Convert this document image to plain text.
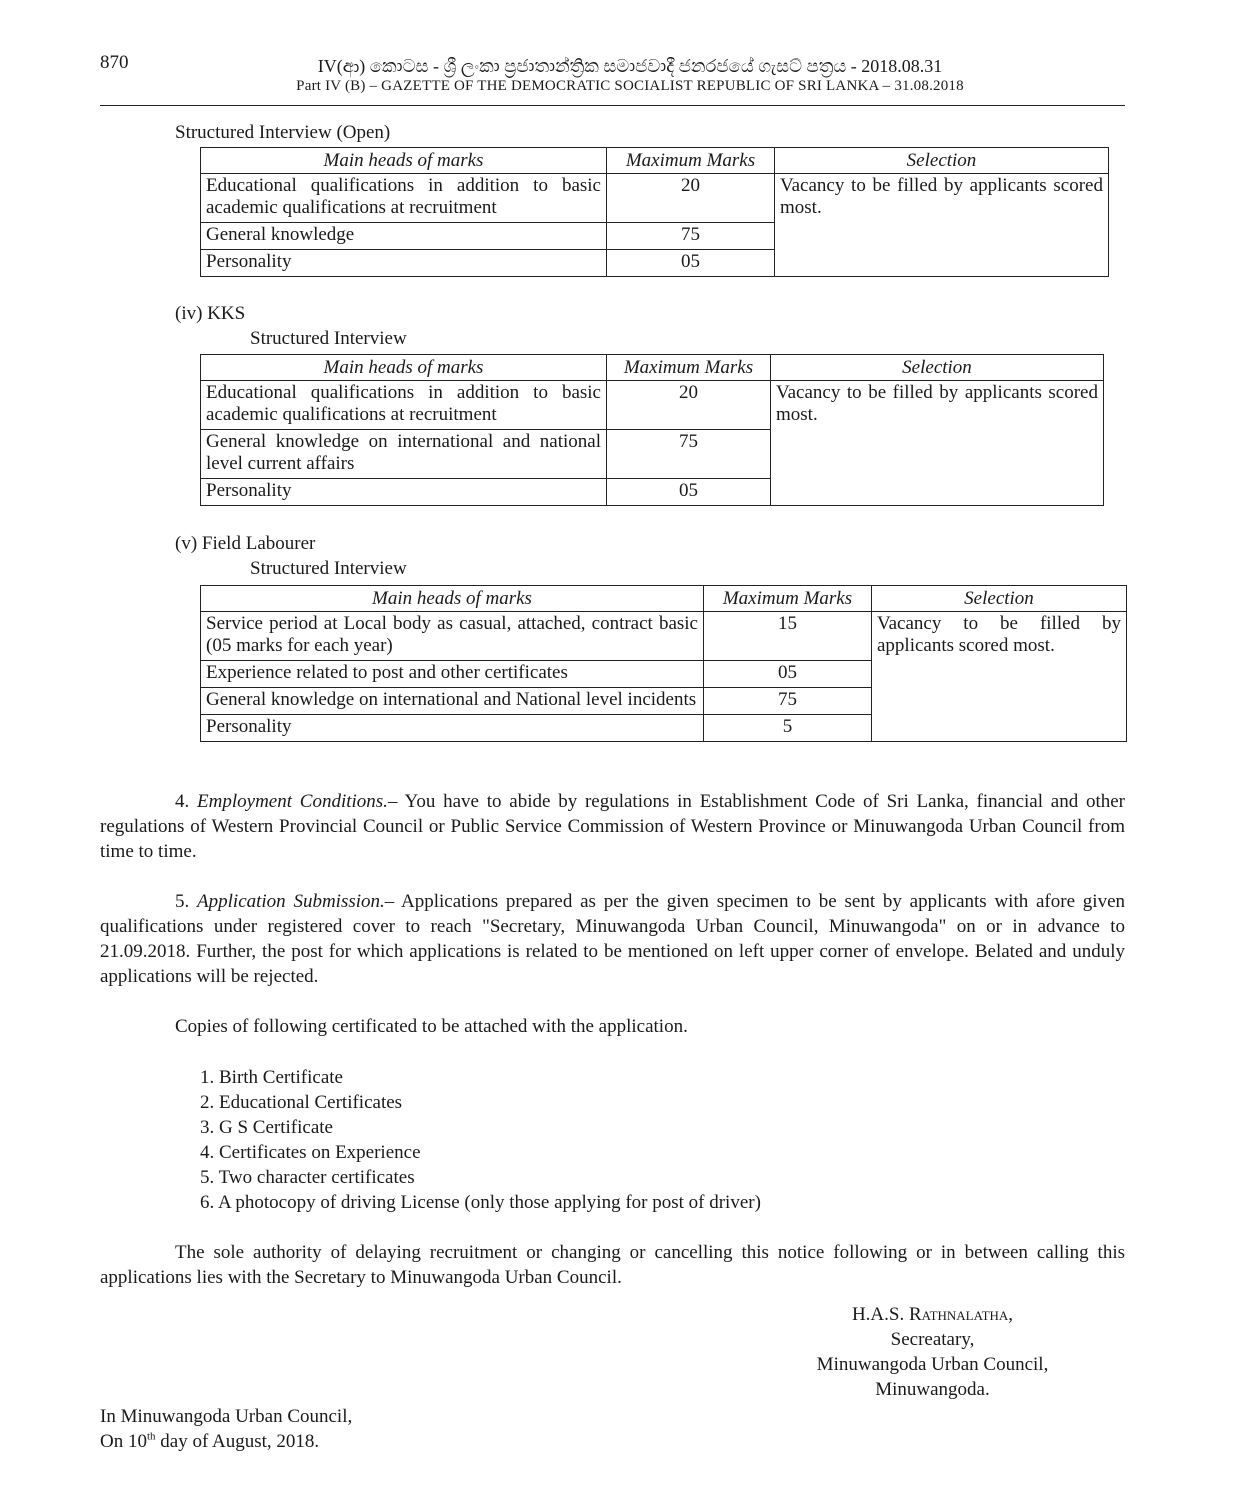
870	IV(ආ) කොටස - ශ්‍රී ලංකා ප්‍රජාතාන්ත්‍රික සමාජවාදී ජනරජයේ ගැසට් පත්‍රය - 2018.08.31
Part IV (B) – GAZETTE OF THE DEMOCRATIC SOCIALIST REPUBLIC OF SRI LANKA – 31.08.2018
Structured Interview (Open)
Main heads of marks	Maximum Marks	Selection
Educational qualifications in addition to basic academic qualifications at recruitment	20	Vacancy to be filled by applicants scored most.
General knowledge	75	
Personality	05	
(iv) KKS
Structured Interview
Main heads of marks	Maximum Marks	Selection
Educational qualifications in addition to basic academic qualifications at recruitment	20	Vacancy to be filled by applicants scored most.
General knowledge on international and national level current affairs	75	
Personality	05	
(v) Field Labourer
Structured Interview
Main heads of marks	Maximum Marks	Selection
Service period at Local body as casual, attached, contract basic (05 marks for each year)	15	Vacancy to be filled by applicants scored most.
Experience related to post and other certificates	05	
General knowledge on international and National level incidents	75	
Personality	5	
4. Employment Conditions.– You have to abide by regulations in Establishment Code of Sri Lanka, financial and other regulations of Western Provincial Council or Public Service Commission of Western Province or Minuwangoda Urban Council from time to time.
5. Application Submission.– Applications prepared as per the given specimen to be sent by applicants with afore given qualifications under registered cover to reach "Secretary, Minuwangoda Urban Council, Minuwangoda" on or in advance to 21.09.2018. Further, the post for which applications is related to be mentioned on left upper corner of envelope. Belated and unduly applications will be rejected.
Copies of following certificated to be attached with the application.
1. Birth Certificate
2. Educational Certificates
3. G S Certificate
4. Certificates on Experience
5. Two character certificates
6. A photocopy of driving License (only those applying for post of driver)
The sole authority of delaying recruitment or changing or cancelling this notice following or in between calling this applications lies with the Secretary to Minuwangoda Urban Council.
H.A.S. Rathnalatha,
Secreatary,
Minuwangoda Urban Council,
Minuwangoda.
In Minuwangoda Urban Council,
On 10th day of August, 2018.
